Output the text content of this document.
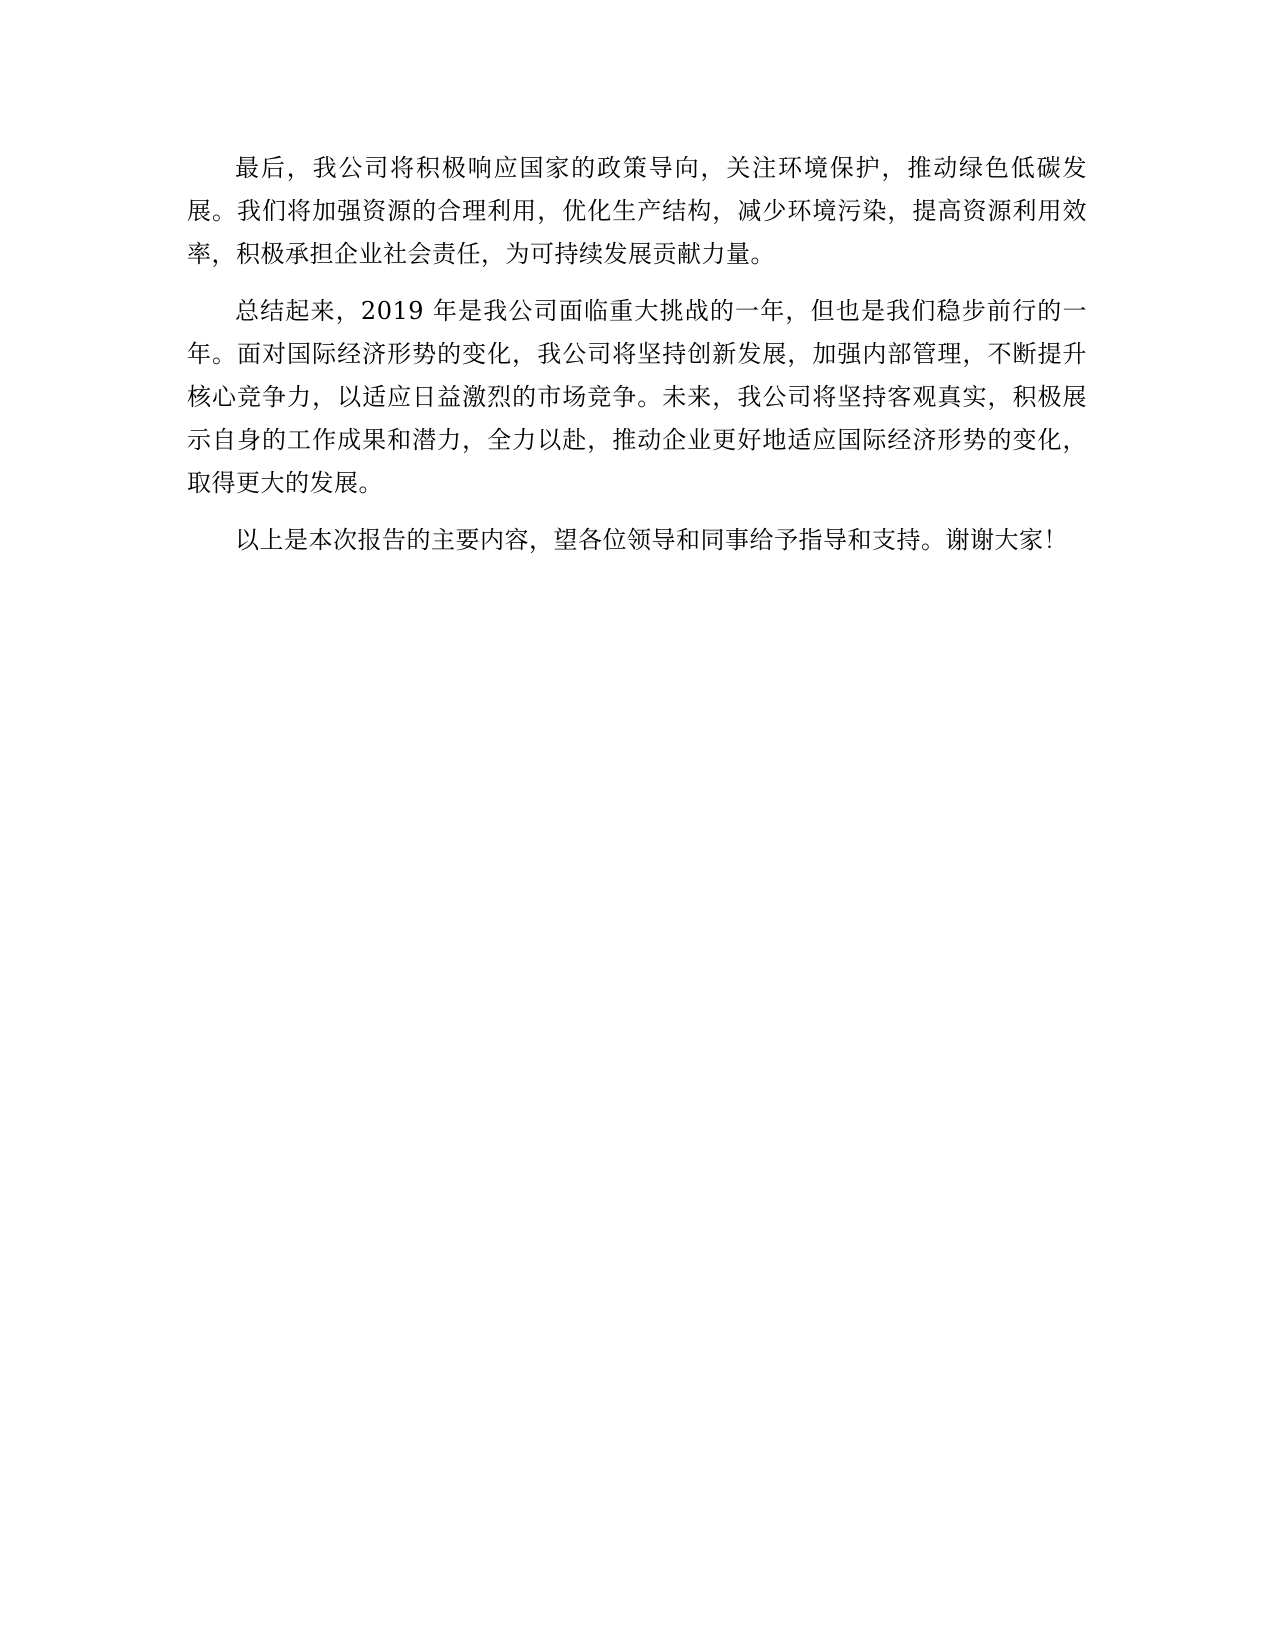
最后，我公司将积极响应国家的政策导向，关注环境保护，推动绿色低碳发展。我们将加强资源的合理利用，优化生产结构，减少环境污染，提高资源利用效率，积极承担企业社会责任，为可持续发展贡献力量。

总结起来，2019 年是我公司面临重大挑战的一年，但也是我们稳步前行的一年。面对国际经济形势的变化，我公司将坚持创新发展，加强内部管理，不断提升核心竞争力，以适应日益激烈的市场竞争。未来，我公司将坚持客观真实，积极展示自身的工作成果和潜力，全力以赴，推动企业更好地适应国际经济形势的变化，取得更大的发展。

以上是本次报告的主要内容，望各位领导和同事给予指导和支持。谢谢大家！
